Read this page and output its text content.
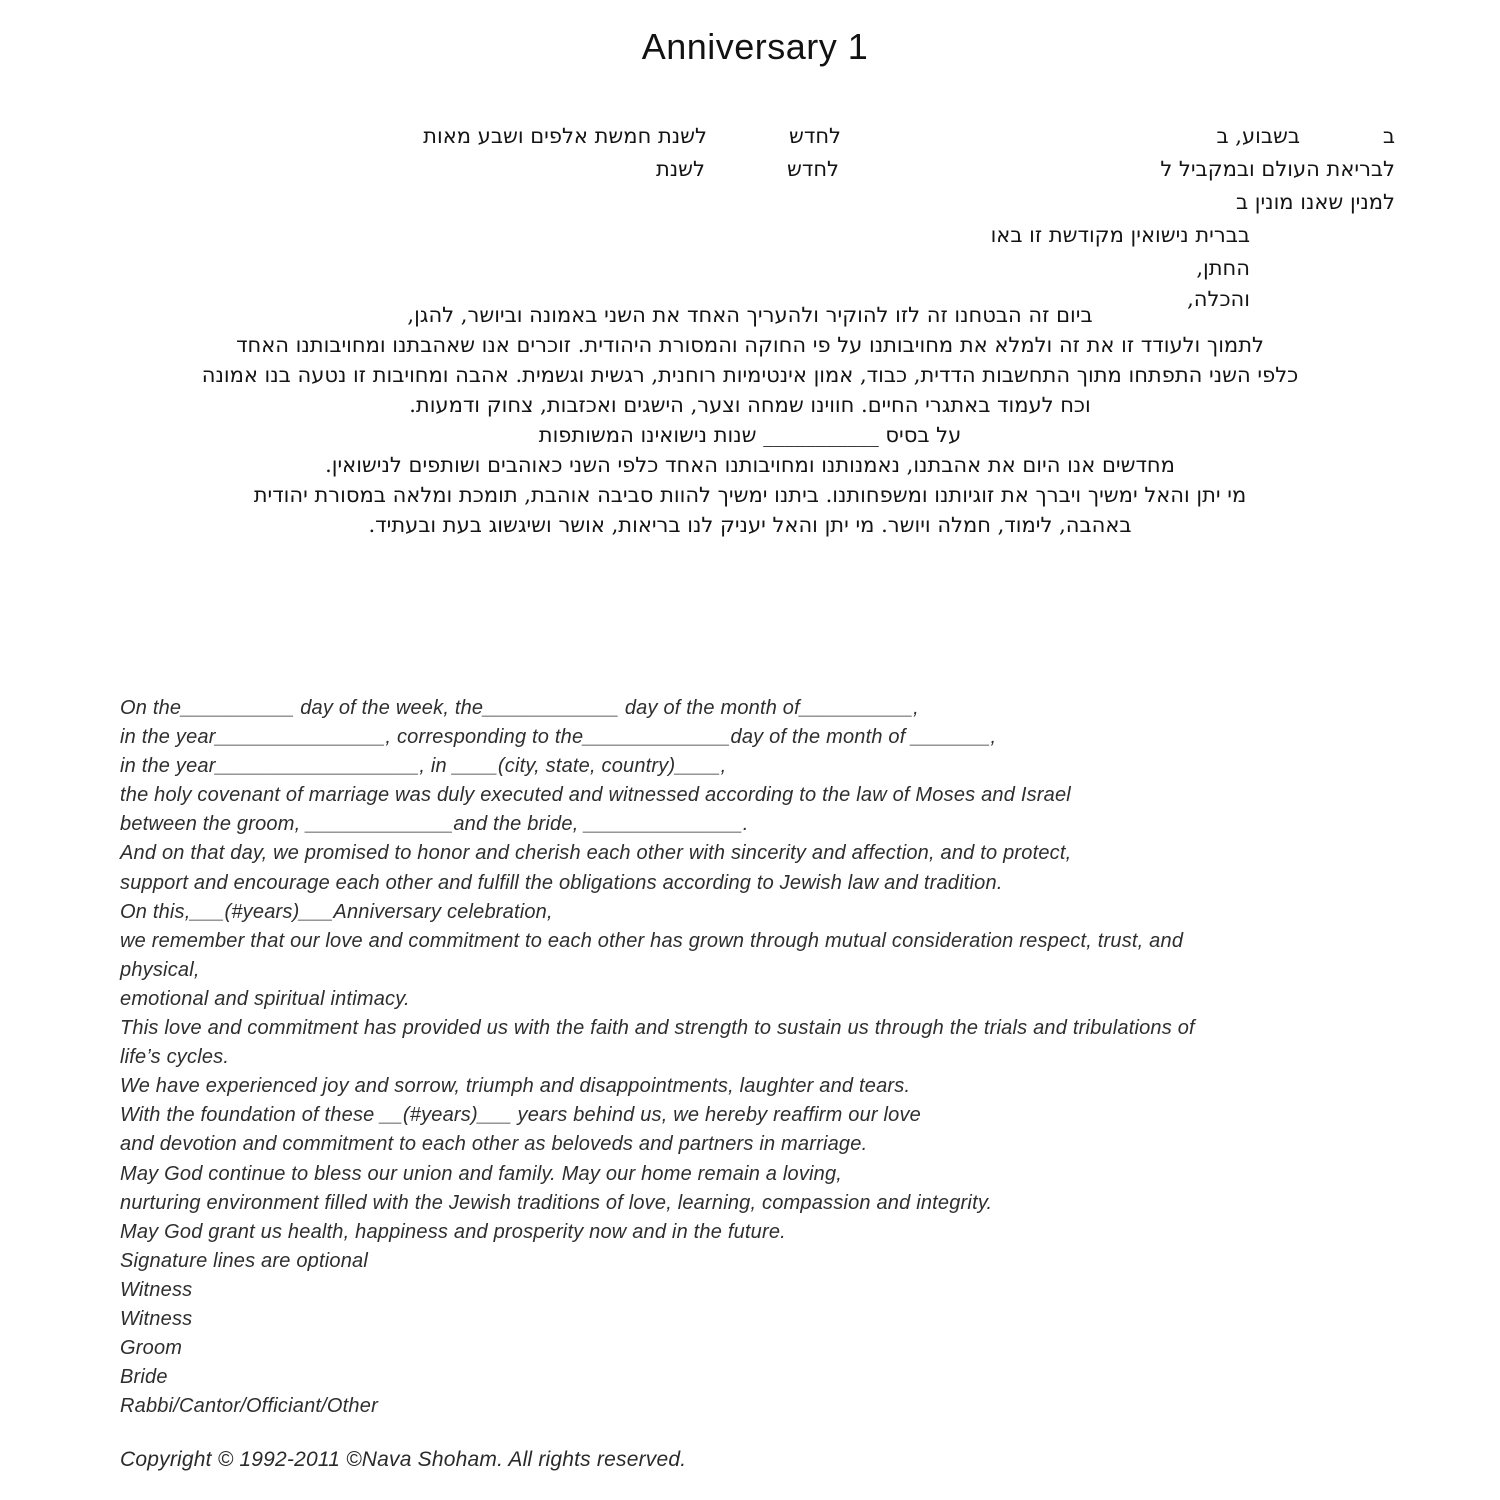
Anniversary 1
ב
בשבוע, ב
לחדש
לשנת חמשת אלפים ושבע מאות
לבריאת העולם ובמקביל ל
לחדש
לשנת
למנין שאנו מונין ב
בברית נישואין מקודשת זו באו
החתן,
והכלה,
ביום זה הבטחנו זה לזו להוקיר ולהעריך האחד את השני באמונה וביושר, להגן,
לתמוך ולעודד זו את זה ולמלא את מחויבותנו על פי החוקה והמסורת היהודית. זוכרים אנו שאהבתנו ומחויבותנו האחד
כלפי השני התפתחו מתוך התחשבות הדדית, כבוד, אמון אינטימיות רוחנית, רגשית וגשמית. אהבה ומחויבות זו נטעה בנו אמונה
וכח לעמוד באתגרי החיים. חווינו שמחה וצער, הישגים ואכזבות, צחוק ודמעות.
על בסיס ___________ שנות נישואינו המשותפות
מחדשים אנו היום את אהבתנו, נאמנותנו ומחויבותנו האחד כלפי השני כאוהבים ושותפים לנישואין.
מי יתן והאל ימשיך ויברך את זוגיותנו ומשפחותנו. ביתנו ימשיך להוות סביבה אוהבת, תומכת ומלאה במסורת יהודית
באהבה, לימוד, חמלה ויושר. מי יתן והאל יעניק לנו בריאות, אושר ושיגשוג בעת ובעתיד.
On the__________ day of the week, the____________ day of the month of__________,
in the year_______________, corresponding to the_____________day of the month of _______,
in the year__________________, in ____(city, state, country)____,
the holy covenant of marriage was duly executed and witnessed according to the law of Moses and Israel
between the groom, _____________and the bride, ______________.
And on that day, we promised to honor and cherish each other with sincerity and affection, and to protect,
support and encourage each other and fulfill the obligations according to Jewish law and tradition.
On this,___(#years)___Anniversary celebration,
we remember that our love and commitment to each other has grown through mutual consideration respect, trust, and
physical,
emotional and spiritual intimacy.
This love and commitment has provided us with the faith and strength to sustain us through the trials and tribulations of
life’s cycles.
We have experienced joy and sorrow, triumph and disappointments, laughter and tears.
With the foundation of these __(#years)___ years behind us, we hereby reaffirm our love
and devotion and commitment to each other as beloveds and partners in marriage.
May God continue to bless our union and family. May our home remain a loving,
nurturing environment filled with the Jewish traditions of love, learning, compassion and integrity.
May God grant us health, happiness and prosperity now and in the future.
Signature lines are optional
Witness
Witness
Groom
Bride
Rabbi/Cantor/Officiant/Other
Copyright © 1992-2011 ©Nava Shoham. All rights reserved.
